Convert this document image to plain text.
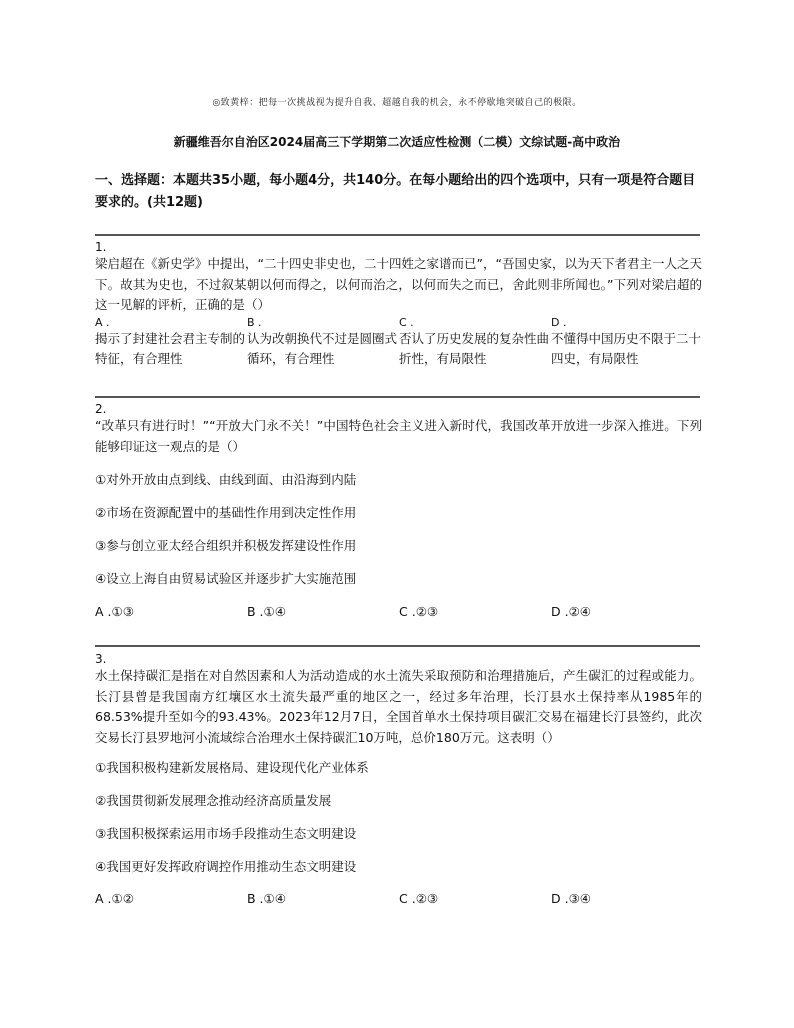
◎致黄梓：把每一次挑战视为提升自我、超越自我的机会，永不停歇地突破自己的极限。
新疆维吾尔自治区2024届高三下学期第二次适应性检测（二模）文综试题-高中政治
一、选择题：本题共35小题，每小题4分，共140分。在每小题给出的四个选项中，只有一项是符合题目要求的。(共12题)
1.
梁启超在《新史学》中提出，“二十四史非史也，二十四姓之家谱而已”，“吾国史家，以为天下者君主一人之天下。故其为史也，不过叙某朝以何而得之，以何而治之，以何而失之而已，舍此则非所闻也。”下列对梁启超的这一见解的评析，正确的是（）
A .
揭示了封建社会君主专制的特征，有合理性
B .
认为改朝换代不过是圆圈式循环，有合理性
C .
否认了历史发展的复杂性曲折性，有局限性
D .
不懂得中国历史不限于二十四史，有局限性
2.
“改革只有进行时！”“开放大门永不关！”中国特色社会主义进入新时代，我国改革开放进一步深入推进。下列能够印证这一观点的是（）
①对外开放由点到线、由线到面、由沿海到内陆
②市场在资源配置中的基础性作用到决定性作用
③参与创立亚太经合组织并积极发挥建设性作用
④设立上海自由贸易试验区并逐步扩大实施范围
A .①③	B .①④	C .②③	D .②④
3.
水土保持碳汇是指在对自然因素和人为活动造成的水土流失采取预防和治理措施后，产生碳汇的过程或能力。长汀县曾是我国南方红壤区水土流失最严重的地区之一，经过多年治理，长汀县水土保持率从1985年的68.53%提升至如今的93.43%。2023年12月7日，全国首单水土保持项目碳汇交易在福建长汀县签约，此次交易长汀县罗地河小流域综合治理水土保持碳汇10万吨，总价180万元。这表明（）
①我国积极构建新发展格局、建设现代化产业体系
②我国贯彻新发展理念推动经济高质量发展
③我国积极探索运用市场手段推动生态文明建设
④我国更好发挥政府调控作用推动生态文明建设
A .①②	B .①④	C .②③	D .③④
